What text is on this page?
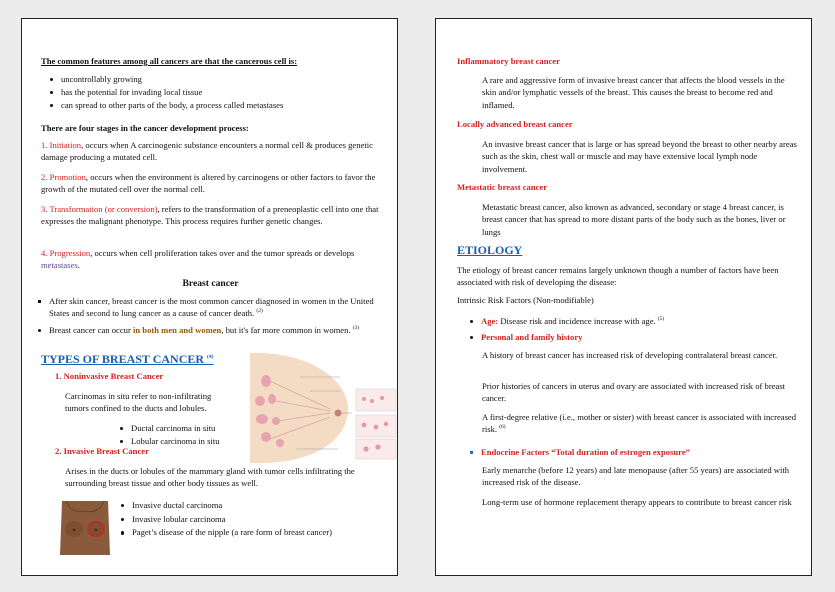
The common features among all cancers are that the cancerous cell is:

uncontrollably growing
has the potential for invading local tissue
can spread to other parts of the body, a process called metastases

There are four stages in the cancer development process:

1. Initiation, occurs when A carcinogenic substance encounters a normal cell & produces genetic damage producing a mutated cell.

2. Promotion, occurs when the environment is altered by carcinogens or other factors to favor the growth of the mutated cell over the normal cell.

3. Transformation (or conversion), refers to the transformation of a preneoplastic cell into one that expresses the malignant phenotype. This process requires further genetic changes.

4. Progression, occurs when cell proliferation takes over and the tumor spreads or develops metastases.

Breast cancer

After skin cancer, breast cancer is the most common cancer diagnosed in women in the United States and second to lung cancer as a cause of cancer death. $^{(2)}$
Breast cancer can occur in both men and women, but it's far more common in women. $^{(3)}$

TYPES OF BREAST CANCER $^{(4)}$

1. Noninvasive Breast Cancer

Carcinomas in situ refer to non-infiltrating tumors confined to the ducts and lobules.

Ductal carcinoma in situ
Lobular carcinoma in situ

2. Invasive Breast Cancer

Arises in the ducts or lobules of the mammary gland with tumor cells infiltrating the surrounding breast tissue and other body tissues as well.

Invasive ductal carcinoma
Invasive lobular carcinoma
Paget’s disease of the nipple (a rare form of breast cancer)

Inflammatory breast cancer

A rare and aggressive form of invasive breast cancer that affects the blood vessels in the skin and/or lymphatic vessels of the breast. This causes the breast to become red and inflamed.

Locally advanced breast cancer

An invasive breast cancer that is large or has spread beyond the breast to other nearby areas such as the skin, chest wall or muscle and may have extensive local lymph node involvement.

Metastatic breast cancer

Metastatic breast cancer, also known as advanced, secondary or stage 4 breast cancer, is breast cancer that has spread to more distant parts of the body such as the bones, liver or lungs

ETIOLOGY

The etiology of breast cancer remains largely unknown though a number of factors have been associated with risk of developing the disease:

Intrinsic Risk Factors (Non-modifiable)

Age: Disease risk and incidence increase with age. $^{(5)}$
Personal and family history

A history of breast cancer has increased risk of developing contralateral breast cancer.

Prior histories of cancers in uterus and ovary are associated with increased risk of breast cancer.

A first-degree relative (i.e., mother or sister) with breast cancer is associated with increased risk. $^{(6)}$

Endocrine Factors “Total duration of estrogen exposure”

Early menarche (before 12 years) and late menopause (after 55 years) are associated with increased risk of the disease.

Long-term use of hormone replacement therapy appears to contribute to breast cancer risk
